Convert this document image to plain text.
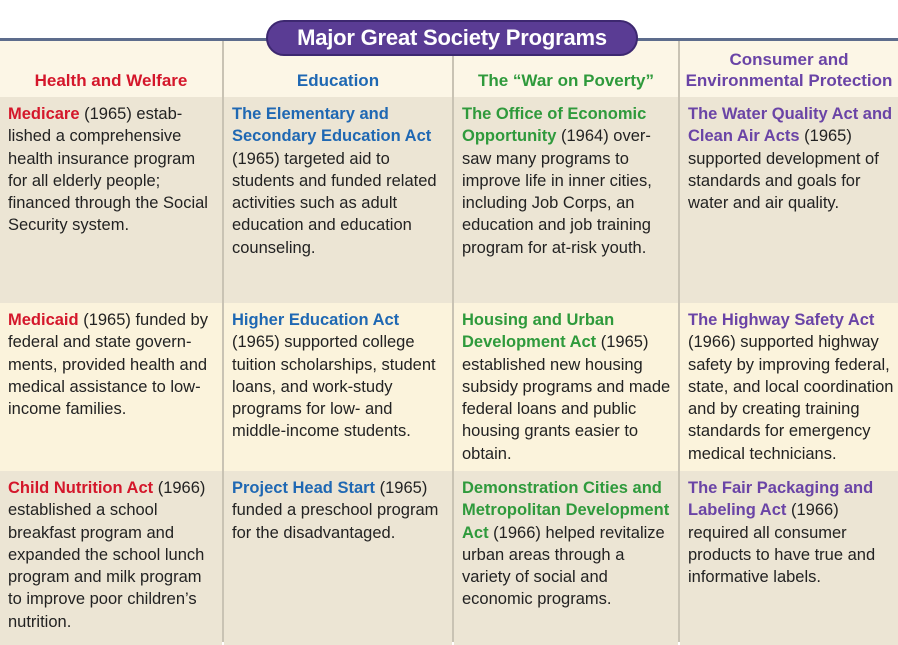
Health and Welfare
Medicare (1965) estab-lished a comprehensive health insurance program for all elderly people; financed through the Social Security system.
Medicaid (1965) funded by federal and state govern-ments, provided health and medical assistance to low-income families.
Child Nutrition Act (1966) established a school breakfast program and expanded the school lunch program and milk program to improve poor children’s nutrition.
Education
The Elementary and Secondary Education Act (1965) targeted aid to students and funded related activities such as adult education and education counseling.
Higher Education Act (1965) supported college tuition scholarships, student loans, and work-study programs for low- and middle-income students.
Project Head Start (1965) funded a preschool program for the disadvantaged.
The “War on Poverty”
The Office of Economic Opportunity (1964) over-saw many programs to improve life in inner cities, including Job Corps, an education and job training program for at-risk youth.
Housing and Urban Development Act (1965) established new housing subsidy programs and made federal loans and public housing grants easier to obtain.
Demonstration Cities and Metropolitan Development Act (1966) helped revitalize urban areas through a variety of social and economic programs.
Consumer and Environmental Protection
The Water Quality Act and Clean Air Acts (1965) supported development of standards and goals for water and air quality.
The Highway Safety Act (1966) supported highway safety by improving federal, state, and local coordination and by creating training standards for emergency medical technicians.
The Fair Packaging and Labeling Act (1966) required all consumer products to have true and informative labels.
Major Great Society Programs
